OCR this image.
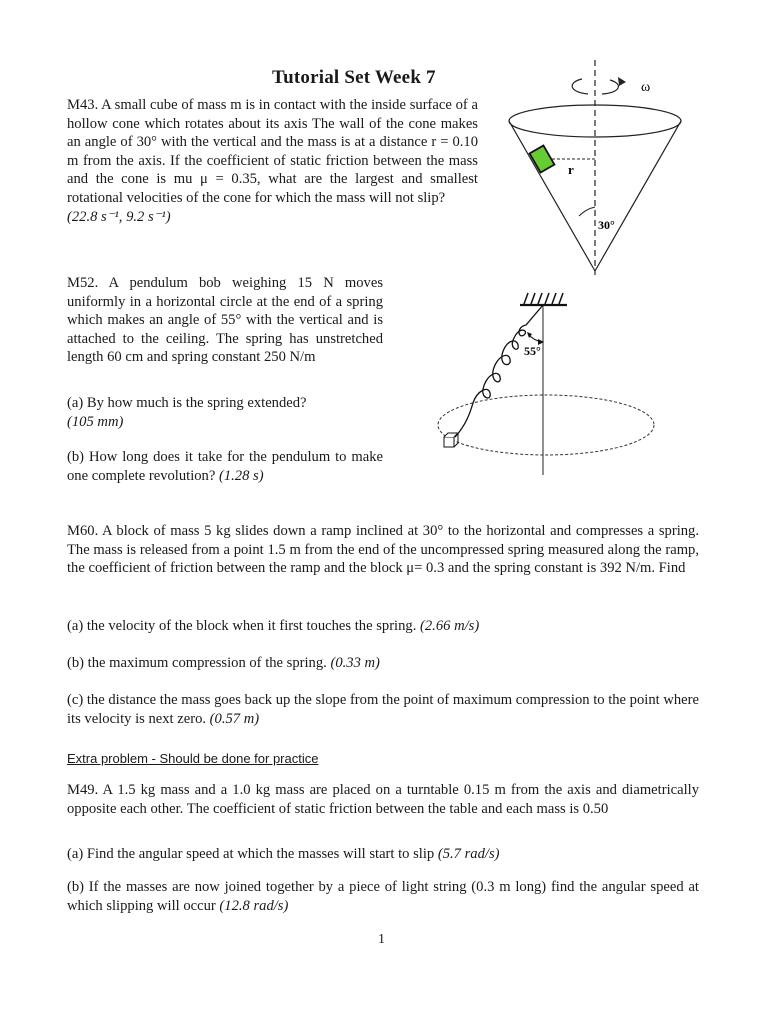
Tutorial Set Week 7
M43. A small cube of mass m is in contact with the inside surface of a hollow cone which rotates about its axis The wall of the cone makes an angle of 30° with the vertical and the mass is at a distance r = 0.10 m from the axis. If the coefficient of static friction between the mass and the cone is mu μ = 0.35, what are the largest and smallest rotational velocities of the cone for which the mass will not slip?
(22.8 s⁻¹, 9.2 s⁻¹)
ω
r
30°
M52. A pendulum bob weighing 15 N moves uniformly in a horizontal circle at the end of a spring which makes an angle of 55° with the vertical and is attached to the ceiling. The spring has unstretched length 60 cm and spring constant 250 N/m
(a) By how much is the spring extended?
(105 mm)
(b) How long does it take for the pendulum to make one complete revolution? (1.28 s)
55°
M60. A block of mass 5 kg slides down a ramp inclined at 30° to the horizontal and compresses a spring. The mass is released from a point 1.5 m from the end of the uncompressed spring measured along the ramp, the coefficient of friction between the ramp and the block μ= 0.3 and the spring constant is 392 N/m. Find
(a) the velocity of the block when it first touches the spring. (2.66 m/s)
(b) the maximum compression of the spring. (0.33 m)
(c) the distance the mass goes back up the slope from the point of maximum compression to the point where its velocity is next zero. (0.57 m)
Extra problem - Should be done for practice
M49. A 1.5 kg mass and a 1.0 kg mass are placed on a turntable 0.15 m from the axis and diametrically opposite each other. The coefficient of static friction between the table and each mass is 0.50
(a) Find the angular speed at which the masses will start to slip (5.7 rad/s)
(b) If the masses are now joined together by a piece of light string (0.3 m long) find the angular speed at which slipping will occur (12.8 rad/s)
1
